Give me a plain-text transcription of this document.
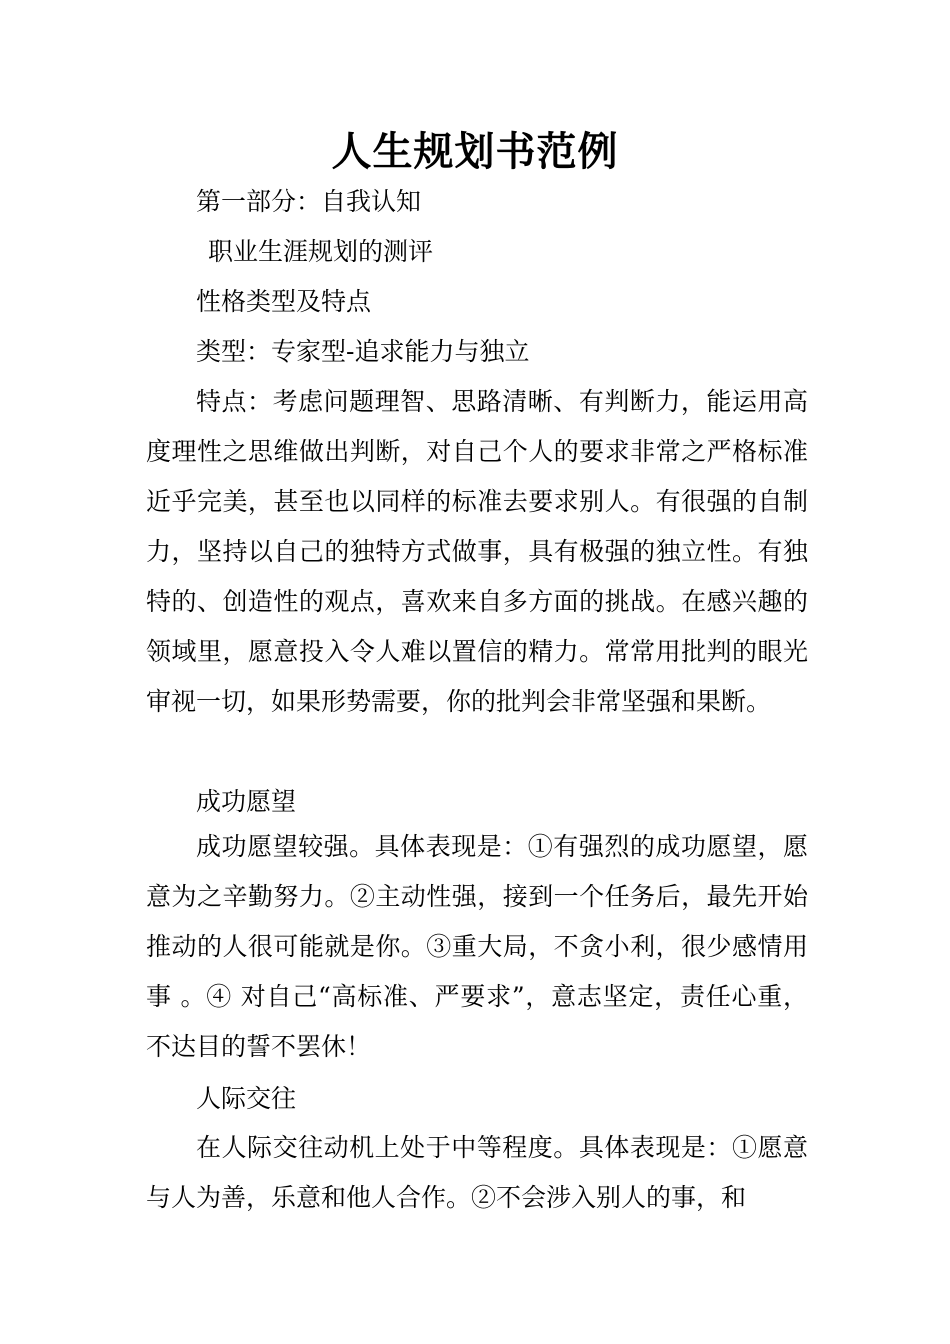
人生规划书范例
第一部分：自我认知
职业生涯规划的测评
性格类型及特点
类型：专家型-追求能力与独立
特点：考虑问题理智、思路清晰、有判断力，能运用高度理性之思维做出判断，对自己个人的要求非常之严格标准近乎完美，甚至也以同样的标准去要求别人。有很强的自制力，坚持以自己的独特方式做事，具有极强的独立性。有独特的、创造性的观点，喜欢来自多方面的挑战。在感兴趣的领域里，愿意投入令人难以置信的精力。常常用批判的眼光审视一切，如果形势需要，你的批判会非常坚强和果断。
成功愿望
成功愿望较强。具体表现是：①有强烈的成功愿望，愿意为之辛勤努力。②主动性强，接到一个任务后，最先开始推动的人很可能就是你。③重大局，不贪小利，很少感情用事 。④ 对自己“高标准、严要求”，意志坚定，责任心重，不达目的誓不罢休！
人际交往
在人际交往动机上处于中等程度。具体表现是：①愿意与人为善，乐意和他人合作。②不会涉入别人的事，和
